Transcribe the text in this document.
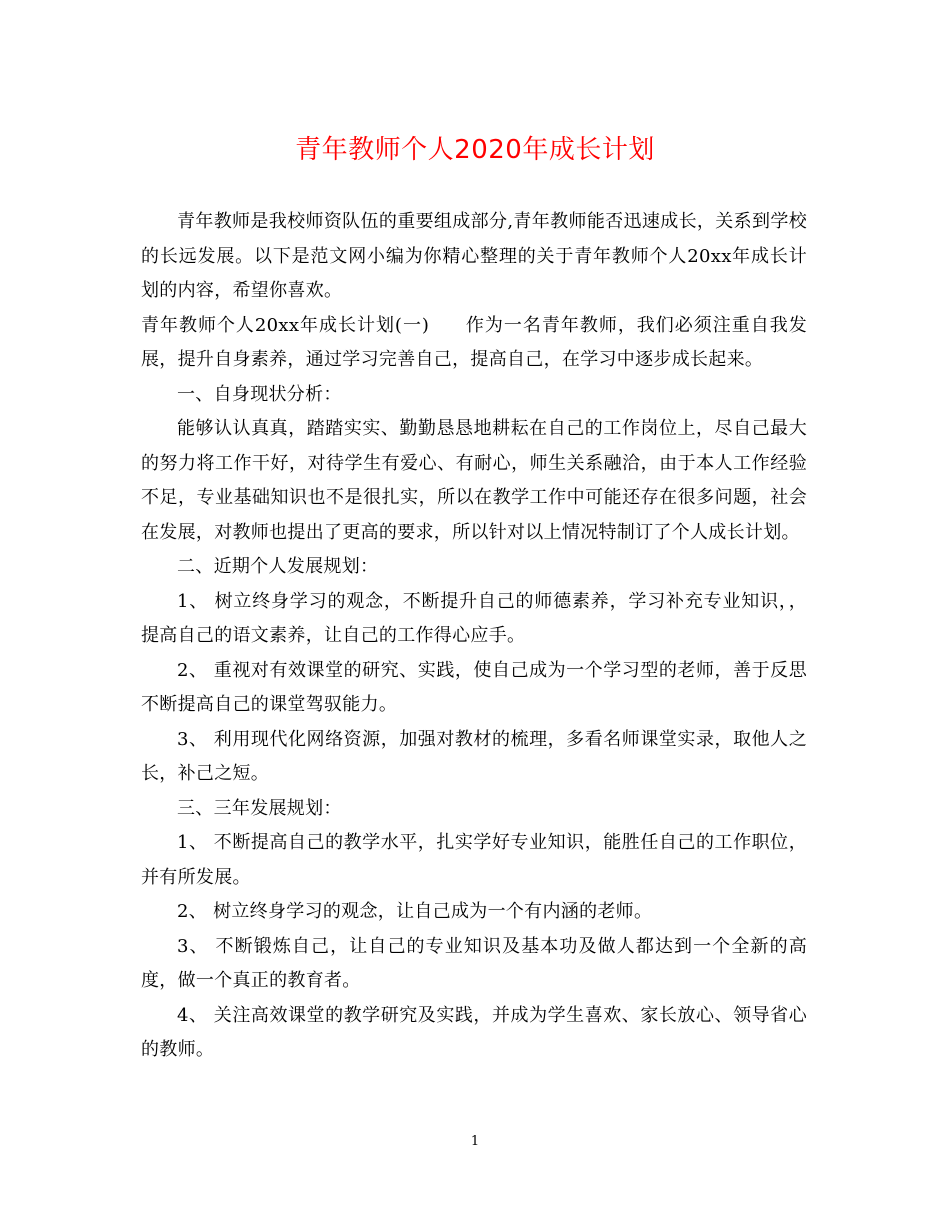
青年教师个人2020年成长计划

青年教师是我校师资队伍的重要组成部分,青年教师能否迅速成长，关系到学校的长远发展。以下是范文网小编为你精心整理的关于青年教师个人20xx年成长计划的内容，希望你喜欢。

青年教师个人20xx年成长计划(一) 作为一名青年教师，我们必须注重自我发展，提升自身素养，通过学习完善自己，提高自己，在学习中逐步成长起来。

一、自身现状分析：

能够认认真真，踏踏实实、勤勤恳恳地耕耘在自己的工作岗位上，尽自己最大的努力将工作干好，对待学生有爱心、有耐心，师生关系融洽，由于本人工作经验不足，专业基础知识也不是很扎实，所以在教学工作中可能还存在很多问题，社会在发展，对教师也提出了更高的要求，所以针对以上情况特制订了个人成长计划。

二、近期个人发展规划：

1、 树立终身学习的观念，不断提升自己的师德素养，学习补充专业知识，，提高自己的语文素养，让自己的工作得心应手。

2、 重视对有效课堂的研究、实践，使自己成为一个学习型的老师，善于反思不断提高自己的课堂驾驭能力。

3、 利用现代化网络资源，加强对教材的梳理，多看名师课堂实录，取他人之长，补己之短。

三、三年发展规划：

1、 不断提高自己的教学水平，扎实学好专业知识，能胜任自己的工作职位，并有所发展。

2、 树立终身学习的观念，让自己成为一个有内涵的老师。

3、 不断锻炼自己，让自己的专业知识及基本功及做人都达到一个全新的高度，做一个真正的教育者。

4、 关注高效课堂的教学研究及实践，并成为学生喜欢、家长放心、领导省心的教师。

1
